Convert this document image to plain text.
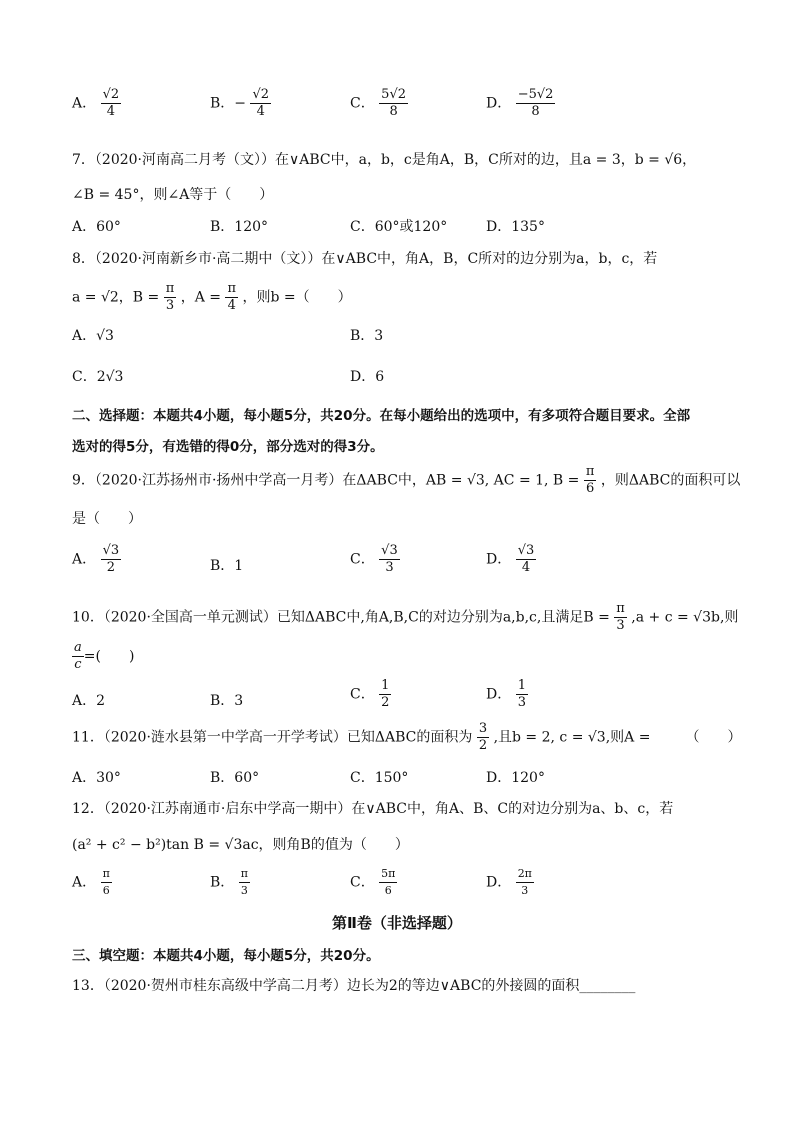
A． $\frac{√2}{4}$	B．− $\frac{√2}{4}$	C． $\frac{5√2}{8}$	D． $\frac{-5√2}{8}$
7．（2020·河南高二月考（文））在∨ABC中，a，b，c是角A，B，C所对的边，且a = 3，b = √6，
∠B = 45°，则∠A等于（　　）
A．60°	B．120°	C．60°或120°	D．135°
8．（2020·河南新乡市·高二期中（文））在∨ABC中，角A，B，C所对的边分别为a，b，c，若
a = √2，$B = \frac{\pi}{3}$ ，$A = \frac{\pi}{4}$ ，则b =（　　）
A．√3	B．3
C．2√3	D．6
二、选择题：本题共4小题，每小题5分，共20分。在每小题给出的选项中，有多项符合题目要求。全部
选对的得5分，有选错的得0分，部分选对的得3分。
9．（2020·江苏扬州市·扬州中学高一月考）在ΔABC中，AB = √3, AC = 1, $B = \frac{\pi}{6}$ ，则ΔABC的面积可以
是（　　）
A． $\frac{√3}{2}$	B．1	C． $\frac{√3}{3}$	D． $\frac{√3}{4}$
10．（2020·全国高一单元测试）已知ΔABC中,角A,B,C的对边分别为a,b,c,且满足$B = \frac{\pi}{3} ,a + c = √3b$,则
$\frac{a}{c}$ =(　　)
A．2	B．3	C． $\frac{1}{2}$	D． $\frac{1}{3}$
11．（2020·涟水县第一中学高一开学考试）已知ΔABC的面积为 $\frac{3}{2}$ ,且b = 2, c = √3,则A =　　　（　　）
A．30°	B．60°	C．150°	D．120°
12．（2020·江苏南通市·启东中学高一期中）在∨ABC中，角A、B、C的对边分别为a、b、c，若
(a² + c² − b²)tan B = √3ac，则角B的值为（　　）
A． $\frac{\pi}{6}$	B． $\frac{\pi}{3}$	C． $\frac{5\pi}{6}$	D． $\frac{2\pi}{3}$
第Ⅱ卷（非选择题）
三、填空题：本题共4小题，每小题5分，共20分。
13．（2020·贺州市桂东高级中学高二月考）边长为2的等边∨ABC的外接圆的面积________
